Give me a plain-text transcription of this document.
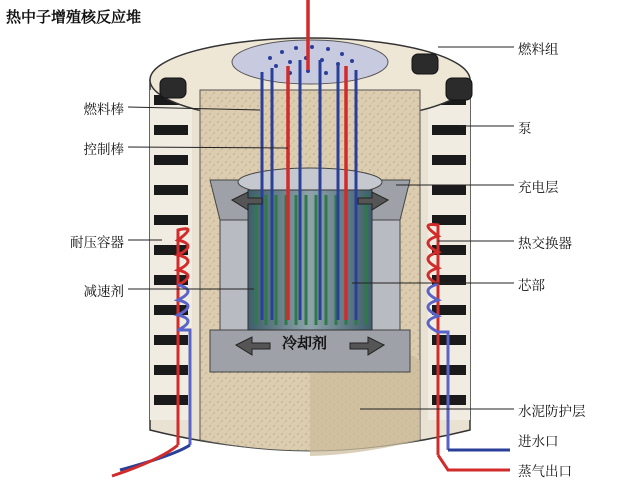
热中子增殖核反应堆
燃料棒
控制棒
耐压容器
减速剂
燃料组
泵
充电层
热交换器
芯部
水泥防护层
进水口
蒸气出口
冷却剂
